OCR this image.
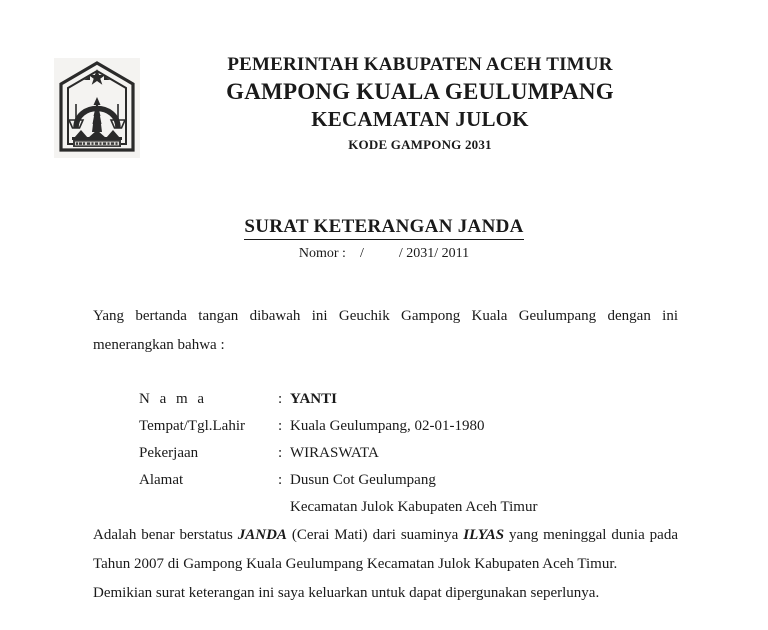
PEMERINTAH KABUPATEN ACEH TIMUR
GAMPONG KUALA GEULUMPANG
KECAMATAN JULOK
KODE GAMPONG 2031
SURAT KETERANGAN JANDA
Nomor :    /          / 2031/ 2011

Yang bertanda tangan dibawah ini Geuchik Gampong Kuala Geulumpang dengan ini menerangkan bahwa :

N a m a	:	YANTI
Tempat/Tgl.Lahir	:	Kuala Geulumpang, 02-01-1980
Pekerjaan	:	WIRASWATA
Alamat	:	Dusun Cot Geulumpang
		Kecamatan Julok Kabupaten Aceh Timur

Adalah benar berstatus JANDA (Cerai Mati) dari suaminya ILYAS yang meninggal dunia pada Tahun 2007 di Gampong Kuala Geulumpang Kecamatan Julok Kabupaten Aceh Timur.

Demikian surat keterangan ini saya keluarkan untuk dapat dipergunakan seperlunya.
